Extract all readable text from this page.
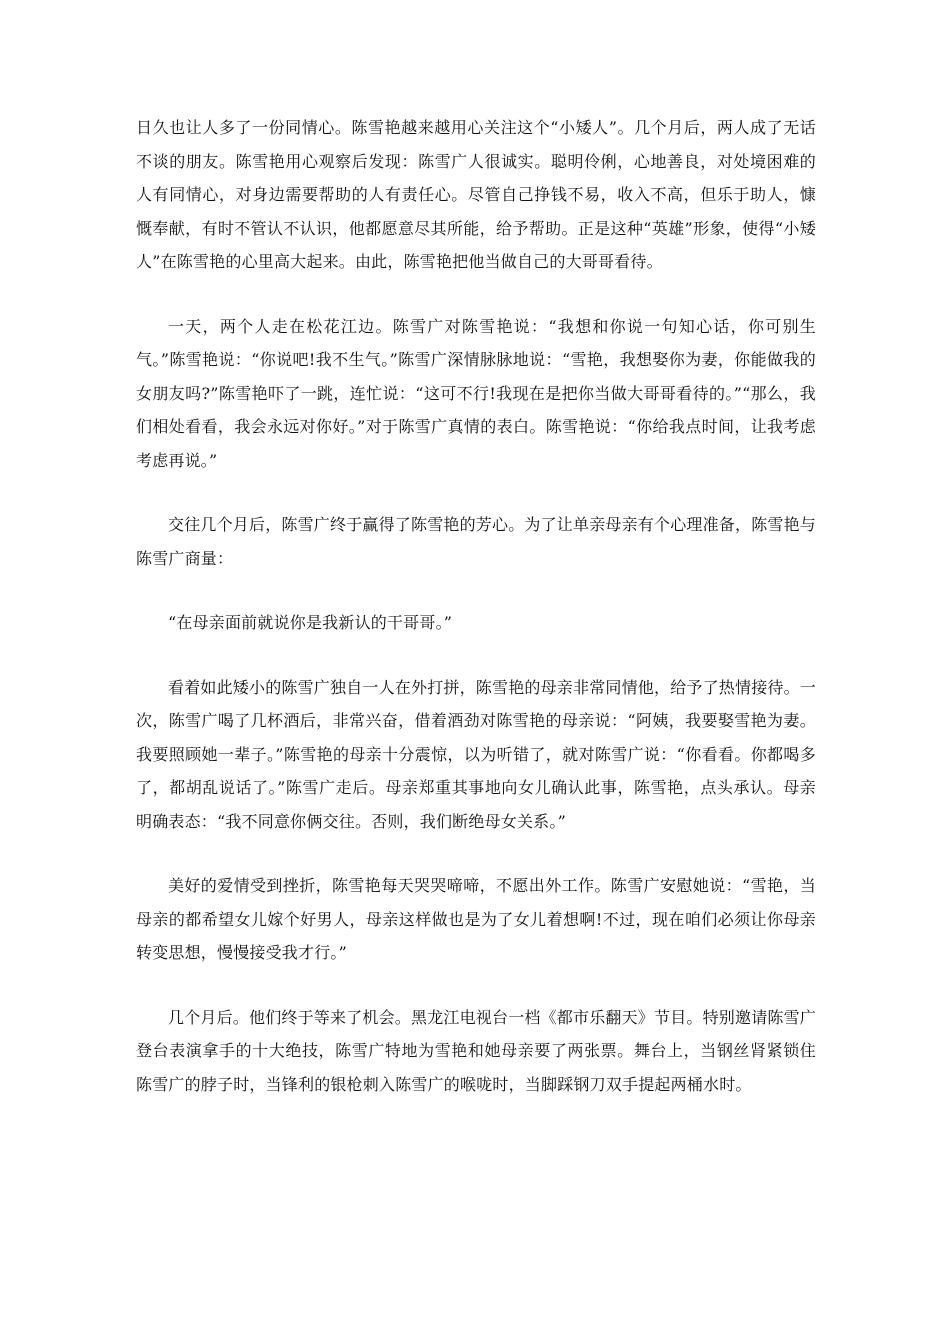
日久也让人多了一份同情心。陈雪艳越来越用心关注这个“小矮人”。几个月后，两人成了无话不谈的朋友。陈雪艳用心观察后发现：陈雪广人很诚实。聪明伶俐，心地善良，对处境困难的人有同情心，对身边需要帮助的人有责任心。尽管自己挣钱不易，收入不高，但乐于助人，慷慨奉献，有时不管认不认识，他都愿意尽其所能，给予帮助。正是这种“英雄”形象，使得“小矮人”在陈雪艳的心里高大起来。由此，陈雪艳把他当做自己的大哥哥看待。

一天，两个人走在松花江边。陈雪广对陈雪艳说：“我想和你说一句知心话，你可别生气。”陈雪艳说：“你说吧!我不生气。”陈雪广深情脉脉地说：“雪艳，我想娶你为妻，你能做我的女朋友吗?”陈雪艳吓了一跳，连忙说：“这可不行!我现在是把你当做大哥哥看待的。”“那么，我们相处看看，我会永远对你好。”对于陈雪广真情的表白。陈雪艳说：“你给我点时间，让我考虑考虑再说。”

交往几个月后，陈雪广终于赢得了陈雪艳的芳心。为了让单亲母亲有个心理准备，陈雪艳与陈雪广商量：

“在母亲面前就说你是我新认的干哥哥。”

看着如此矮小的陈雪广独自一人在外打拼，陈雪艳的母亲非常同情他，给予了热情接待。一次，陈雪广喝了几杯酒后，非常兴奋，借着酒劲对陈雪艳的母亲说：“阿姨，我要娶雪艳为妻。我要照顾她一辈子。”陈雪艳的母亲十分震惊，以为听错了，就对陈雪广说：“你看看。你都喝多了，都胡乱说话了。”陈雪广走后。母亲郑重其事地向女儿确认此事，陈雪艳，点头承认。母亲明确表态：“我不同意你俩交往。否则，我们断绝母女关系。”

美好的爱情受到挫折，陈雪艳每天哭哭啼啼，不愿出外工作。陈雪广安慰她说：“雪艳，当母亲的都希望女儿嫁个好男人，母亲这样做也是为了女儿着想啊!不过，现在咱们必须让你母亲转变思想，慢慢接受我才行。”

几个月后。他们终于等来了机会。黑龙江电视台一档《都市乐翻天》节目。特别邀请陈雪广登台表演拿手的十大绝技，陈雪广特地为雪艳和她母亲要了两张票。舞台上，当钢丝肾紧锁住陈雪广的脖子时，当锋利的银枪刺入陈雪广的喉咙时，当脚踩钢刀双手提起两桶水时。
